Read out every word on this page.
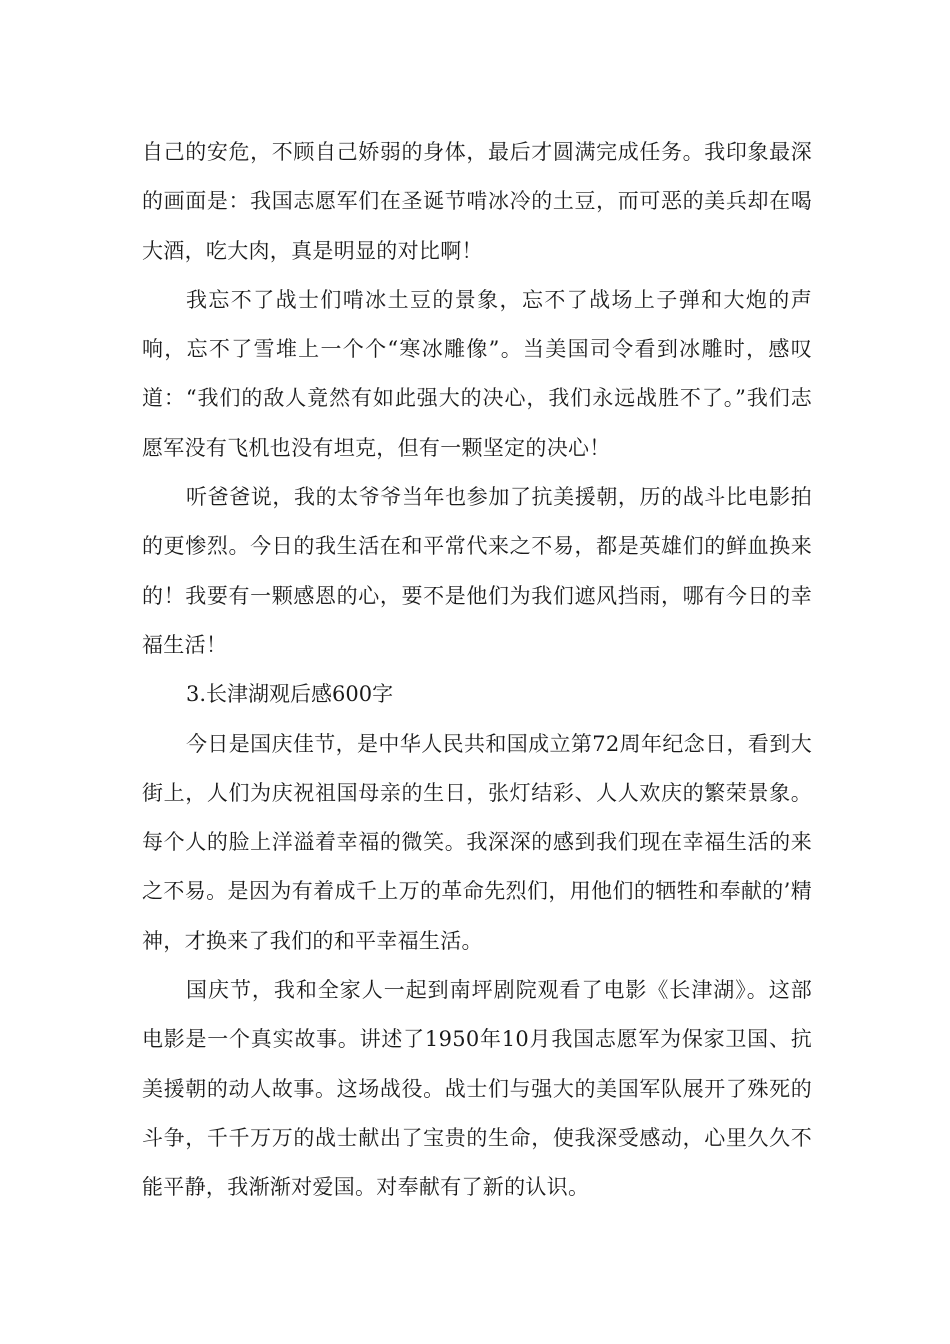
自己的安危，不顾自己娇弱的身体，最后才圆满完成任务。我印象最深的画面是：我国志愿军们在圣诞节啃冰冷的土豆，而可恶的美兵却在喝大酒，吃大肉，真是明显的对比啊！

我忘不了战士们啃冰土豆的景象，忘不了战场上子弹和大炮的声响，忘不了雪堆上一个个“寒冰雕像”。当美国司令看到冰雕时，感叹道：“我们的敌人竟然有如此强大的决心，我们永远战胜不了。”我们志愿军没有飞机也没有坦克，但有一颗坚定的决心！

听爸爸说，我的太爷爷当年也参加了抗美援朝，历的战斗比电影拍的更惨烈。今日的我生活在和平常代来之不易，都是英雄们的鲜血换来的！我要有一颗感恩的心，要不是他们为我们遮风挡雨，哪有今日的幸福生活！

3.长津湖观后感600字

今日是国庆佳节，是中华人民共和国成立第72周年纪念日，看到大街上，人们为庆祝祖国母亲的生日，张灯结彩、人人欢庆的繁荣景象。每个人的脸上洋溢着幸福的微笑。我深深的感到我们现在幸福生活的来之不易。是因为有着成千上万的革命先烈们，用他们的牺牲和奉献的’精神，才换来了我们的和平幸福生活。

国庆节，我和全家人一起到南坪剧院观看了电影《长津湖》。这部电影是一个真实故事。讲述了1950年10月我国志愿军为保家卫国、抗美援朝的动人故事。这场战役。战士们与强大的美国军队展开了殊死的斗争，千千万万的战士献出了宝贵的生命，使我深受感动，心里久久不能平静，我渐渐对爱国。对奉献有了新的认识。
